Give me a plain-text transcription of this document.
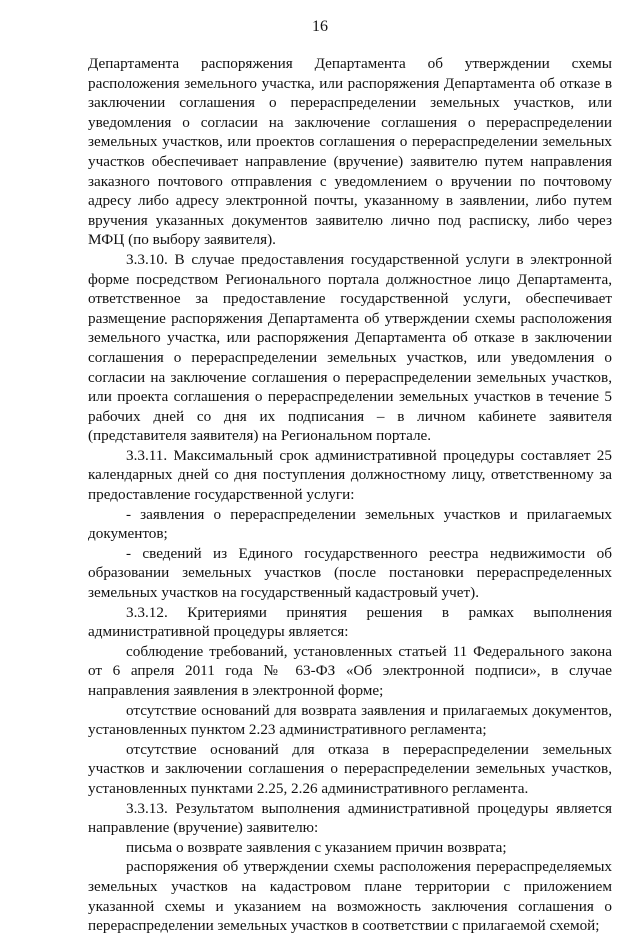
16

Департамента распоряжения Департамента об утверждении схемы расположения земельного участка, или распоряжения Департамента об отказе в заключении соглашения о перераспределении земельных участков, или уведомления о согласии на заключение соглашения о перераспределении земельных участков, или проектов соглашения о перераспределении земельных участков обеспечивает направление (вручение) заявителю путем направления заказного почтового отправления с уведомлением о вручении по почтовому адресу либо адресу электронной почты, указанному в заявлении, либо путем вручения указанных документов заявителю лично под расписку, либо через МФЦ (по выбору заявителя).

3.3.10. В случае предоставления государственной услуги в электронной форме посредством Регионального портала должностное лицо Департамента, ответственное за предоставление государственной услуги, обеспечивает размещение распоряжения Департамента об утверждении схемы расположения земельного участка, или распоряжения Департамента об отказе в заключении соглашения о перераспределении земельных участков, или уведомления о согласии на заключение соглашения о перераспределении земельных участков, или проекта соглашения о перераспределении земельных участков в течение 5 рабочих дней со дня их подписания – в личном кабинете заявителя (представителя заявителя) на Региональном портале.

3.3.11. Максимальный срок административной процедуры составляет 25 календарных дней со дня поступления должностному лицу, ответственному за предоставление государственной услуги:

- заявления о перераспределении земельных участков и прилагаемых документов;

- сведений из Единого государственного реестра недвижимости об образовании земельных участков (после постановки перераспределенных земельных участков на государственный кадастровый учет).

3.3.12. Критериями принятия решения в рамках выполнения административной процедуры является:

соблюдение требований, установленных статьей 11 Федерального закона от 6 апреля 2011 года № 63-ФЗ «Об электронной подписи», в случае направления заявления в электронной форме;

отсутствие оснований для возврата заявления и прилагаемых документов, установленных пунктом 2.23 административного регламента;

отсутствие оснований для отказа в перераспределении земельных участков и заключении соглашения о перераспределении земельных участков, установленных пунктами 2.25, 2.26 административного регламента.

3.3.13. Результатом выполнения административной процедуры является направление (вручение) заявителю:

письма о возврате заявления с указанием причин возврата;

распоряжения об утверждении схемы расположения перераспределяемых земельных участков на кадастровом плане территории с приложением указанной схемы и указанием на возможность заключения соглашения о перераспределении земельных участков в соответствии с прилагаемой схемой;
